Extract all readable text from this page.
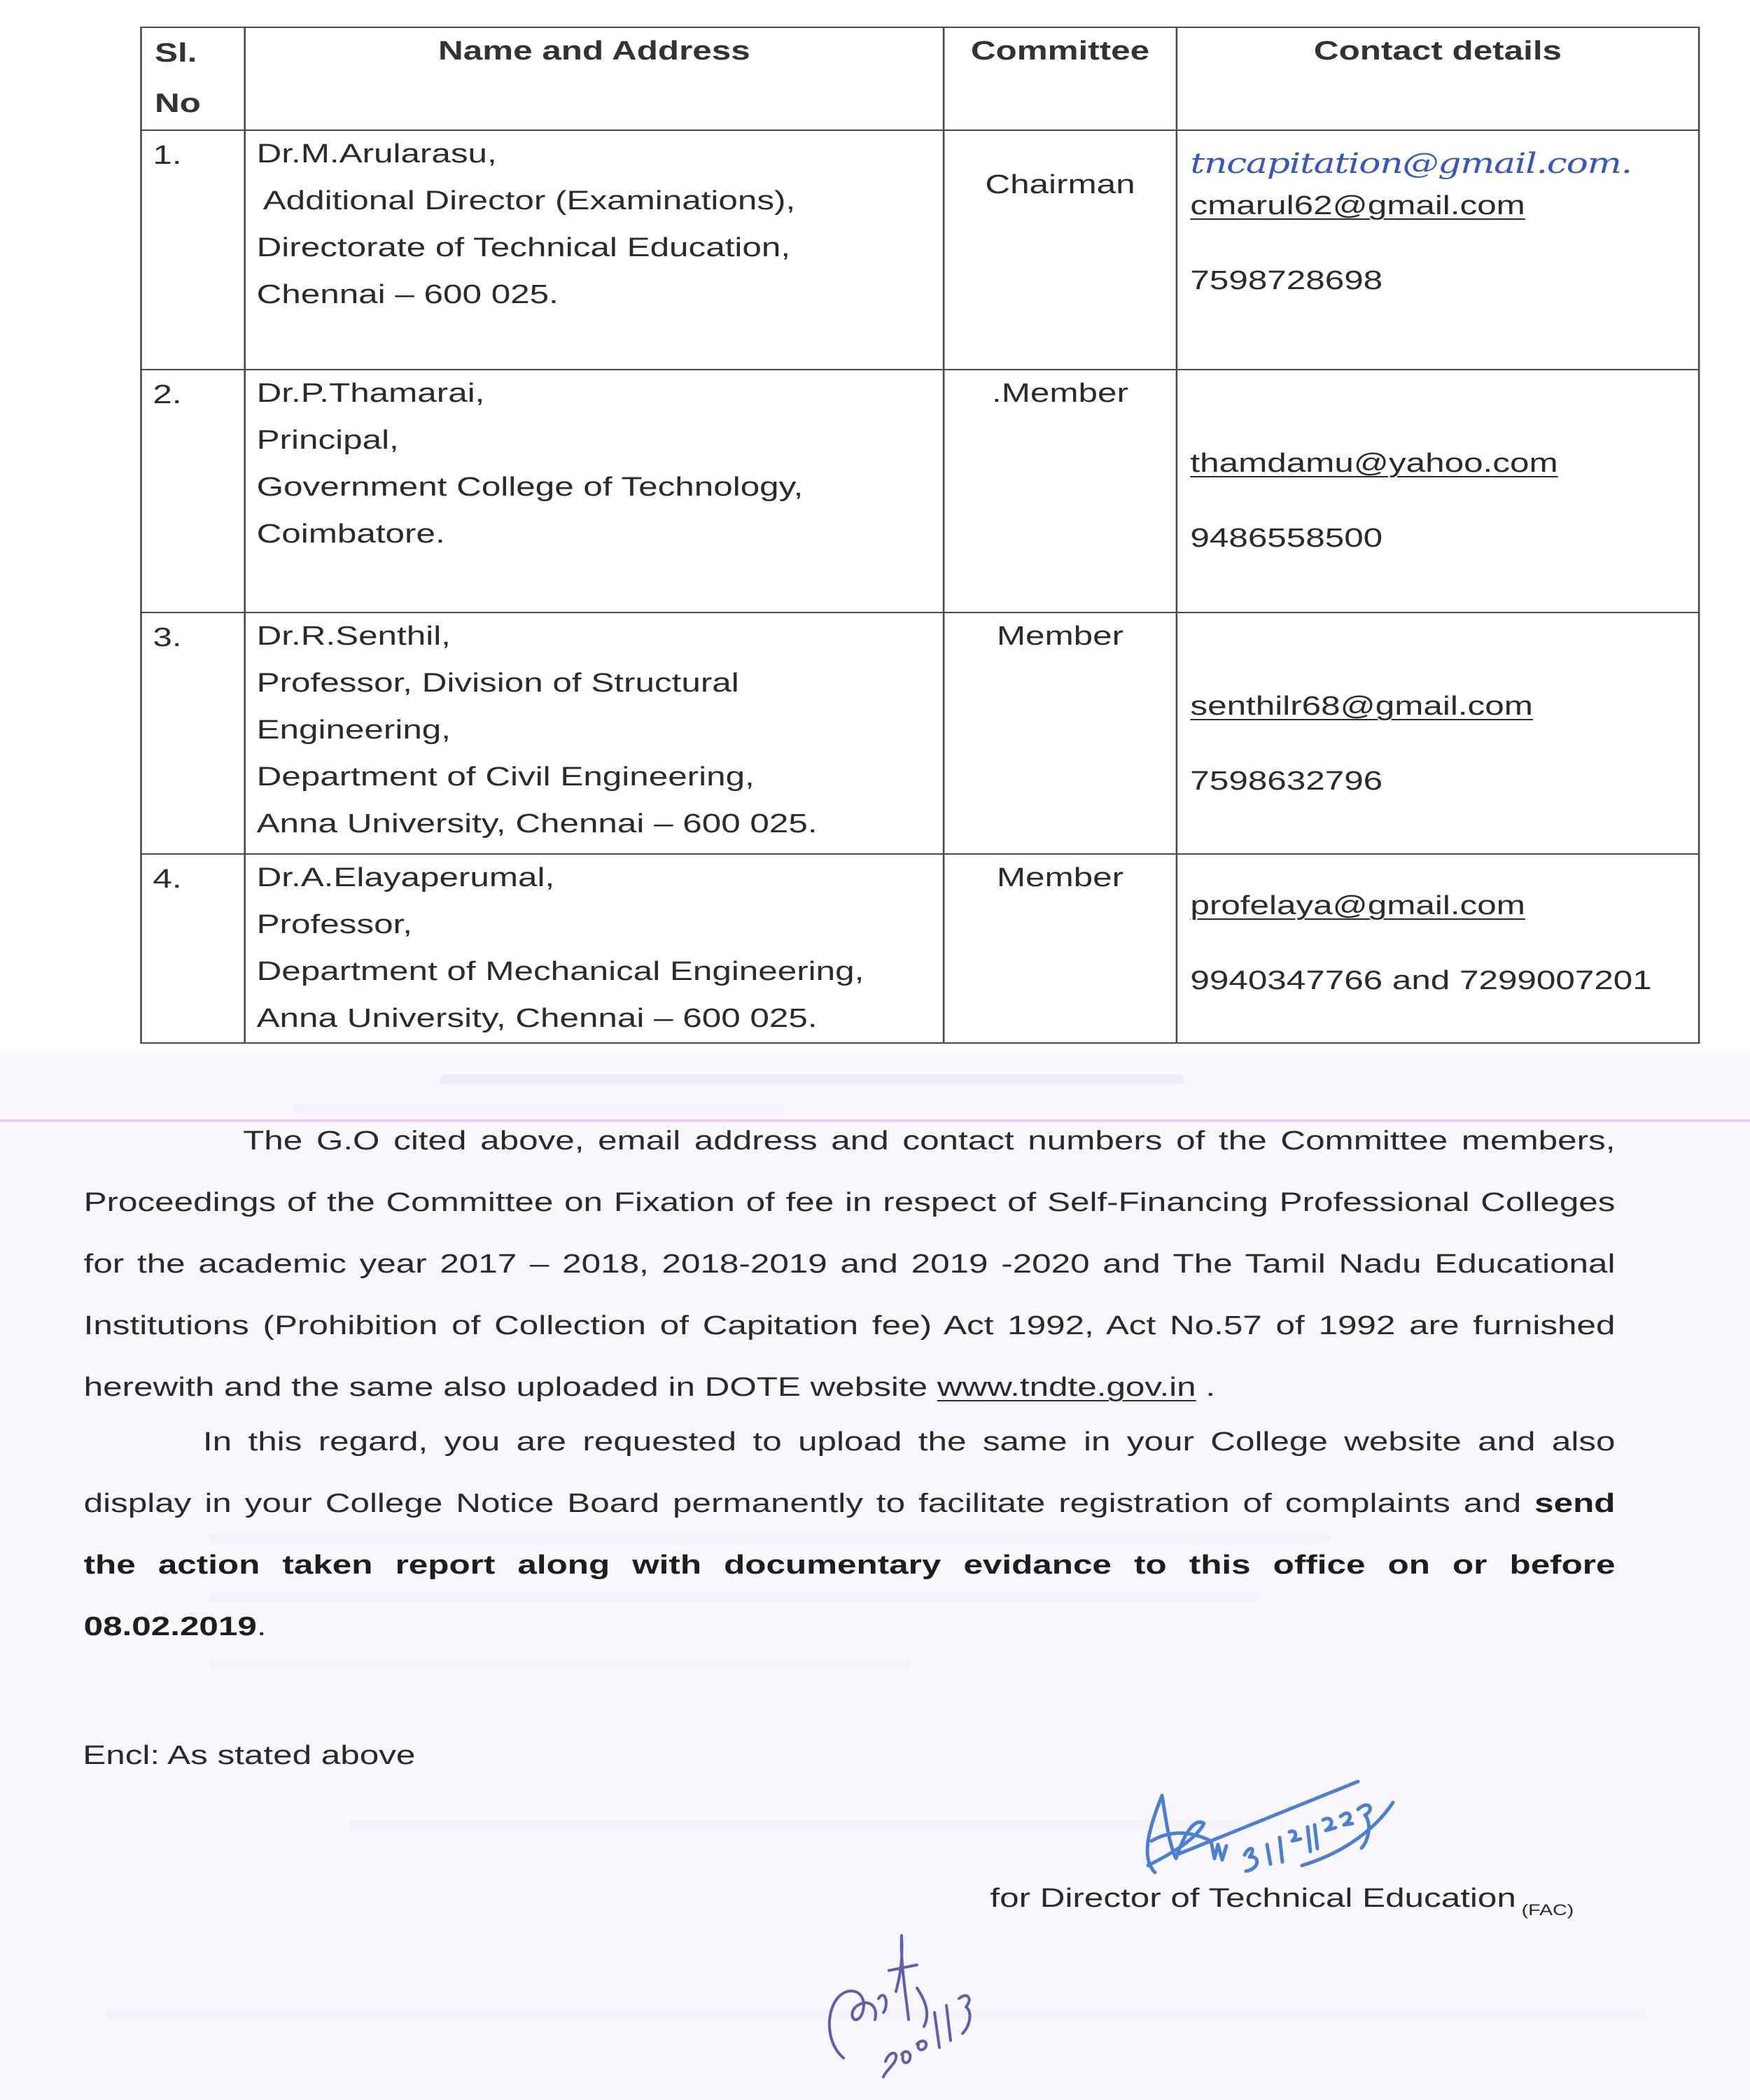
Sl.
No	Name and Address	Committee	Contact details

1.	Dr.M.Arularasu,
Additional Director (Examinations),
Directorate of Technical Education,
Chennai – 600 025.	Chairman	tncapitation@gmail.com.
cmarul62@gmail.com
7598728698

2.	Dr.P.Thamarai,
Principal,
Government College of Technology,
Coimbatore.	.Member	thamdamu@yahoo.com
9486558500

3.	Dr.R.Senthil,
Professor, Division of Structural
Engineering,
Department of Civil Engineering,
Anna University, Chennai – 600 025.	Member	senthilr68@gmail.com
7598632796

4.	Dr.A.Elayaperumal,
Professor,
Department of Mechanical Engineering,
Anna University, Chennai – 600 025.	Member	profelaya@gmail.com
9940347766 and 7299007201

The G.O cited above, email address and contact numbers of the Committee members, Proceedings of the Committee on Fixation of fee in respect of Self-Financing Professional Colleges for the academic year 2017 – 2018, 2018-2019 and 2019 -2020 and The Tamil Nadu Educational Institutions (Prohibition of Collection of Capitation fee) Act 1992, Act No.57 of 1992 are furnished herewith and the same also uploaded in DOTE website www.tndte.gov.in .

In this regard, you are requested to upload the same in your College website and also display in your College Notice Board permanently to facilitate registration of complaints and send the action taken report along with documentary evidance to this office on or before 08.02.2019.

Encl: As stated above
for Director of Technical Education $_{(FAC)}$
